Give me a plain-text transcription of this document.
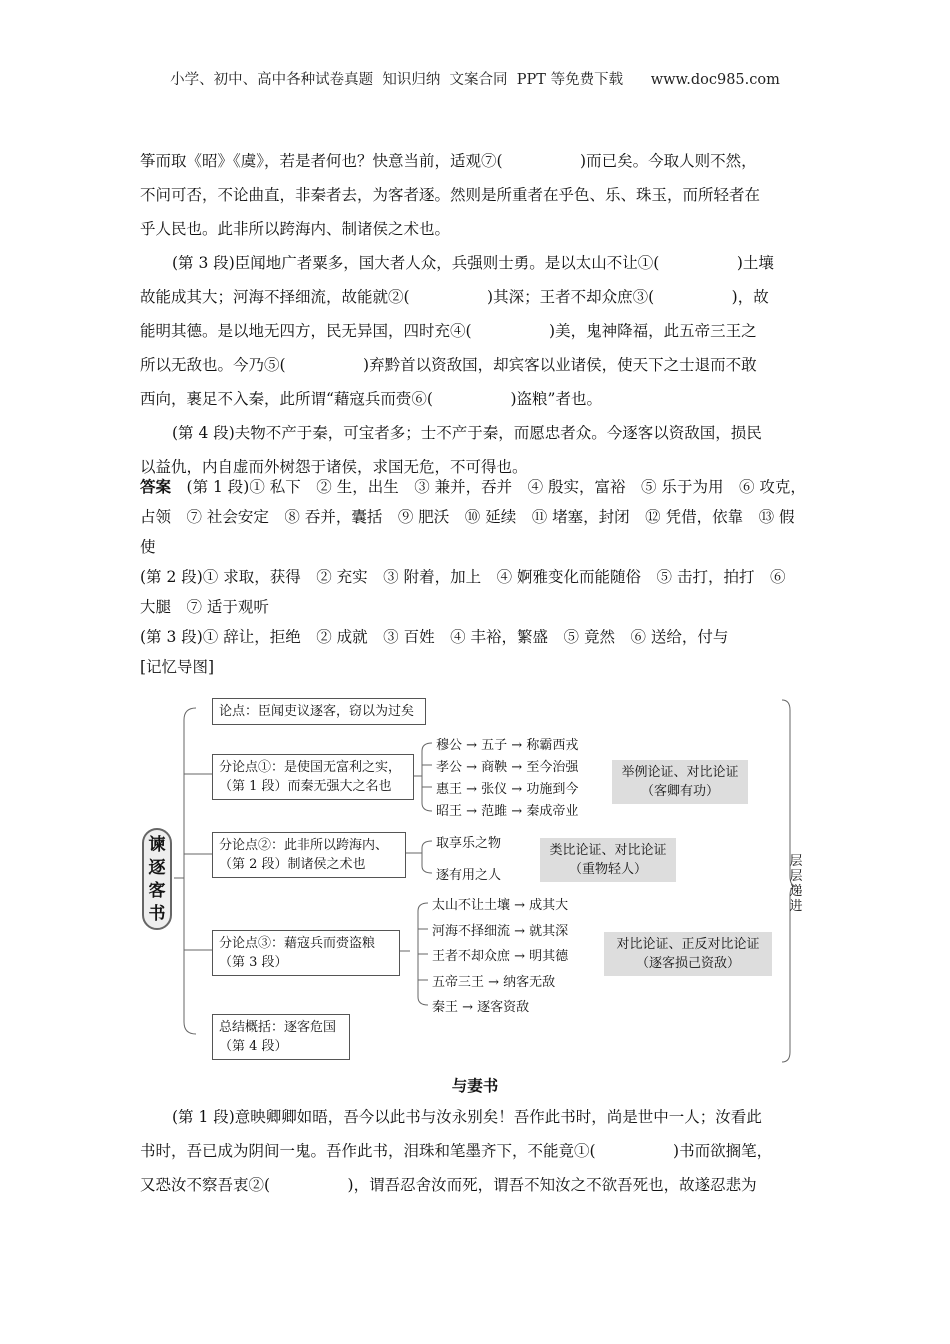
小学、初中、高中各种试卷真题  知识归纳  文案合同  PPT 等免费下载      www.doc985.com
筝而取《昭》《虞》，若是者何也？快意当前，适观⑦(　　　　　)而已矣。今取人则不然，
不问可否，不论曲直，非秦者去，为客者逐。然则是所重者在乎色、乐、珠玉，而所轻者在
乎人民也。此非所以跨海内、制诸侯之术也。
(第 3 段)臣闻地广者粟多，国大者人众，兵强则士勇。是以太山不让①(　　　　　)土壤
故能成其大；河海不择细流，故能就②(　　　　　)其深；王者不却众庶③(　　　　　)，故
能明其德。是以地无四方，民无异国，四时充④(　　　　　)美，鬼神降福，此五帝三王之
所以无敌也。今乃⑤(　　　　　)弃黔首以资敌国，却宾客以业诸侯，使天下之士退而不敢
西向，裹足不入秦，此所谓“藉寇兵而赍⑥(　　　　　)盗粮”者也。
(第 4 段)夫物不产于秦，可宝者多；士不产于秦，而愿忠者众。今逐客以资敌国，损民
以益仇，内自虚而外树怨于诸侯，求国无危，不可得也。
答案　 (第 1 段)① 私下　② 生，出生　③ 兼并，吞并　④ 殷实，富裕　⑤ 乐于为用　⑥ 攻克，
占领　⑦ 社会安定　⑧ 吞并，囊括　⑨ 肥沃　⑩ 延续　⑪ 堵塞，封闭　⑫ 凭借，依靠　⑬ 假
使
(第 2 段)① 求取，获得　② 充实　③ 附着，加上　④ 婀雅变化而能随俗　⑤ 击打，拍打　⑥
大腿　⑦ 适于观听
(第 3 段)① 辞让，拒绝　② 成就　③ 百姓　④ 丰裕，繁盛　⑤ 竟然　⑥ 送给，付与
[记忆导图]
谏逐客书
论点：臣闻吏议逐客，窃以为过矣
分论点①：是使国无富利之实，
（第 1 段）而秦无强大之名也
穆公 → 五子 → 称霸西戎
孝公 → 商鞅 → 至今治强
惠王 → 张仪 → 功施到今
昭王 → 范雎 → 秦成帝业
举例论证、对比论证
（客卿有功）
分论点②：此非所以跨海内、
（第 2 段）制诸侯之术也
取享乐之物
逐有用之人
类比论证、对比论证
（重物轻人）
分论点③：藉寇兵而赍盗粮
（第 3 段）
太山不让土壤 → 成其大
河海不择细流 → 就其深
王者不却众庶 → 明其德
五帝三王 → 纳客无敌
秦王 → 逐客资敌
对比论证、正反对比论证
（逐客损己资敌）
总结概括：逐客危国
（第 4 段）
层层递进
与妻书
(第 1 段)意映卿卿如晤，吾今以此书与汝永别矣！吾作此书时，尚是世中一人；汝看此
书时，吾已成为阴间一鬼。吾作此书，泪珠和笔墨齐下，不能竟①(　　　　　)书而欲搁笔，
又恐汝不察吾衷②(　　　　　)，谓吾忍舍汝而死，谓吾不知汝之不欲吾死也，故遂忍悲为
